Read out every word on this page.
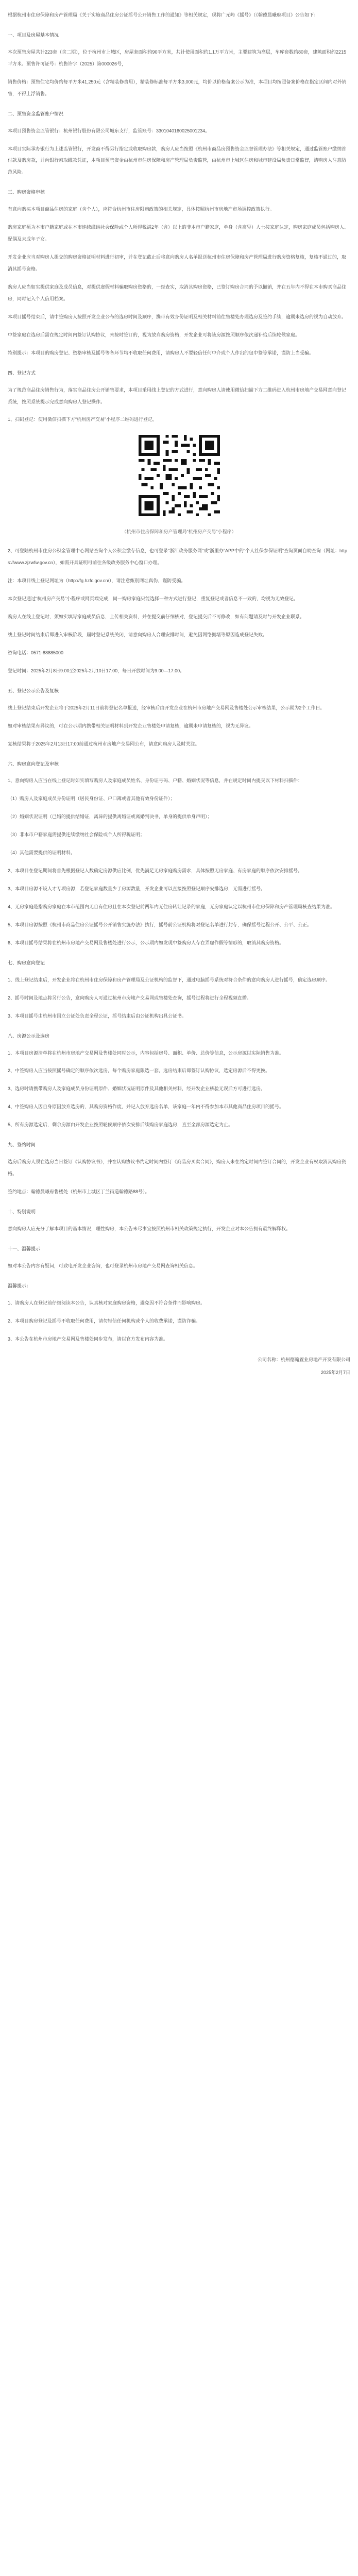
根据杭州市住房保障和房产管理局《关于实施商品住房公证摇号公开销售工作的通知》等相关规定，现将广元屿《摇号》（《翰德晨曦府项目》公告如下：

一、项目及房屋基本情况

本次预售房屋共计223套（含二期），位于杭州市上城区，房屋套面积约90平方米，共计使用面积约1.1万平方米，主要建筑为高层，车库套数约80套，建筑面积约2215平方米。预售许可证号：杭售许字（2025）第000026号，

销售价格：预售住宅均价约每平方米41,250元（含精装修费用），精装修标准每平方米3,000元，均价以价格备案公示为准，本项目均按照备案价格在指定区间内对外销售，不得上浮销售。

二、预售资金监管账户情况

本项目预售资金监管银行：杭州银行股份有限公司城东支行，监管账号：3301040160025001234。

本项目实际承办银行为上述监管银行，开发商不得另行指定或收取购房款，购房人应当按照《杭州市商品房预售资金监督管理办法》等相关规定，通过监管账户缴纳首付款及购房款，并向银行索取缴款凭证，本项目预售资金由杭州市住房保障和房产管理局负责监管，由杭州市上城区住房和城市建设局负责日常监督，请购房人注意防范风险。

三、购房资格审核

有意向购买本项目商品住房的家庭（含个人），应符合杭州市住房限购政策的相关规定，具体按照杭州市房地产市场调控政策执行。

购房家庭须为本市户籍家庭或在本市连续缴纳社会保险或个人所得税满2年（含）以上的非本市户籍家庭，单身（含离异）人士按家庭认定，购房家庭成员包括购房人、配偶及未成年子女。

开发企业应当对购房人提交的购房资格证明材料进行初审，并在登记截止后将意向购房人名单报送杭州市住房保障和房产管理局进行购房资格复核，复核不通过的，取消其摇号资格。

购房人应当如实提供家庭及成员信息，对提供虚假材料骗取购房资格的，一经查实，取消其购房资格，已签订购房合同的予以撤销，并在五年内不得在本市购买商品住房，同时记入个人信用档案。

本项目摇号结束后，请中签购房人按照开发企业公布的选房时间及顺序，携带有效身份证明及相关材料前往售楼处办理选房及签约手续，逾期未选房的视为自动放弃。

中签家庭在选房后需在规定时间内签订认购协议，未按时签订的，视为放弃购房资格，开发企业可将该房源按照顺序依次递补给后续轮候家庭。

特别提示：本项目的购房登记、资格审核及摇号等各环节均不收取任何费用，请购房人不要轻信任何中介或个人作出的包中签等承诺，谨防上当受骗。

四、登记方式

为了规范商品住房销售行为，落实商品住房公开销售要求，本项目采用线上登记的方式进行，意向购房人请使用微信扫描下方二维码进入杭州市房地产交易网意向登记系统，按照系统提示完成意向购房人登记操作。

1、扫码登记：使用微信扫描下方“杭州房产交易”小程序二维码进行登记。

（杭州市住房保障和房产管理局“杭州房产交易”小程序）

2、可登陆杭州市住房公积金管理中心网站查询个人公积金缴存信息，也可登录“浙江政务服务网”或“浙里办”APP中的“个人社保参保证明”查询页面自助查询（网址：https://www.zjzwfw.gov.cn），如需开具证明可前往各级政务服务中心窗口办理。

注：本项目线上登记网址为（http://fg.hzfc.gov.cn/），请注意甄别网址真伪，谨防受骗。

本次登记通过“杭州房产交易”小程序或网页端完成，同一购房家庭只能选择一种方式进行登记，重复登记或者信息不一致的，均视为无效登记。

购房人在线上登记时，须如实填写家庭成员信息，上传相关资料，并在提交前仔细核对，登记提交后不可修改，如有问题请及时与开发企业联系。

线上登记时间结束后即进入审核阶段，届时登记系统关闭，请意向购房人合理安排时间，避免因网络拥堵等原因造成登记失败。

咨询电话：0571-88885000

登记时间：2025年2月8日9:00至2025年2月10日17:00，每日开放时间为9:00—17:00。

五、登记公示公告及复核

线上登记结束后开发企业将于2025年2月11日前将登记名单报送，经审核后由开发企业在杭州市房地产交易网及售楼处公示审核结果，公示期为2个工作日。

如对审核结果有异议的，可在公示期内携带相关证明材料到开发企业售楼处申请复核，逾期未申请复核的，视为无异议。

复核结果将于2025年2月13日17:00前通过杭州市房地产交易网公布，请意向购房人及时关注。

六、购房意向登记及审核

1、意向购房人应当在线上登记时如实填写购房人及家庭成员姓名、身份证号码、户籍、婚姻状况等信息，并在规定时间内提交以下材料扫描件：

（1）购房人及家庭成员身份证明（居民身份证、户口簿或者其他有效身份证件）；

（2）婚姻状况证明（已婚的提供结婚证，离异的提供离婚证或离婚判决书，单身的提供单身声明）；

（3）非本市户籍家庭需提供连续缴纳社会保险或个人所得税证明；

（4）其他需要提供的证明材料。

2、本项目在登记期间将首先根据登记人数确定房源供应比例，优先满足无房家庭购房需求，具体按照无房家庭、有房家庭的顺序依次安排摇号。

3、本项目房源不设人才专项房源，若登记家庭数量少于房源数量，开发企业可以直接按照登记顺序安排选房，无需进行摇号。

4、无房家庭是指购房家庭在本市范围内无自有住房且在本次登记前两年内无住房转让记录的家庭，无房家庭认定以杭州市住房保障和房产管理局核查结果为准。

5、本项目房源按照《杭州市商品住房公证摇号公开销售实施办法》执行，摇号前公证机构将对登记名单进行封存，确保摇号过程公开、公平、公正。

6、本项目摇号结果将在杭州市房地产交易网及售楼处进行公示，公示期内如发现中签购房人存在弄虚作假等情形的，取消其购房资格。

七、购房意向登记

1、线上登记结束后，开发企业将在杭州市住房保障和房产管理局及公证机构的监督下，通过电脑摇号系统对符合条件的意向购房人进行摇号，确定选房顺序。

2、摇号时间及地点将另行公告，意向购房人可通过杭州市房地产交易网或售楼处查询，摇号过程将进行全程视频直播。

3、本项目摇号由杭州市国立公证处负责全程公证，摇号结束后由公证机构出具公证书。

八、房源公示及选房

1、本项目房源清单将在杭州市房地产交易网及售楼处同时公示，内容包括房号、面积、单价、总价等信息，公示房源以实际销售为准。

2、中签购房人应当按照摇号确定的顺序依次选房，每个购房家庭限选一套，选房结束后即签订认购协议，选定房源后不得更换。

3、选房时请携带购房人及家庭成员身份证明原件、婚姻状况证明原件及其他相关材料，经开发企业核验无误后方可进行选房。

4、中签购房人因自身原因放弃选房的，其购房资格作废，并记入放弃选房名单，该家庭一年内不得参加本市其他商品住房项目的摇号。

5、所有房源选定后，剩余房源由开发企业按照轮候顺序依次安排后续购房家庭选房，直至全部房源选定为止。

九、签约时间

选房后购房人须在选房当日签订《认购协议书》，并在认购协议书约定时间内签订《商品房买卖合同》，购房人未在约定时间内签订合同的，开发企业有权取消其购房资格。

签约地点：翰德晨曦府售楼处（杭州市上城区丁兰街道翰德路88号）。

十、特别说明

意向购房人应充分了解本项目的基本情况，理性购房，本公告未尽事宜按照杭州市相关政策规定执行，开发企业对本公告拥有最终解释权。

十一、温馨提示

如对本公告内容有疑问，可致电开发企业咨询，也可登录杭州市房地产交易网查询相关信息。

温馨提示：

1、请购房人在登记前仔细阅读本公告，认真核对家庭购房资格，避免因不符合条件而影响购房。

2、本项目购房登记及摇号不收取任何费用，请勿轻信任何机构或个人的收费承诺，谨防诈骗。

3、本公告在杭州市房地产交易网及售楼处同步发布，请以官方发布内容为准。

公司名称：杭州德翰置业房地产开发有限公司

2025年2月7日
